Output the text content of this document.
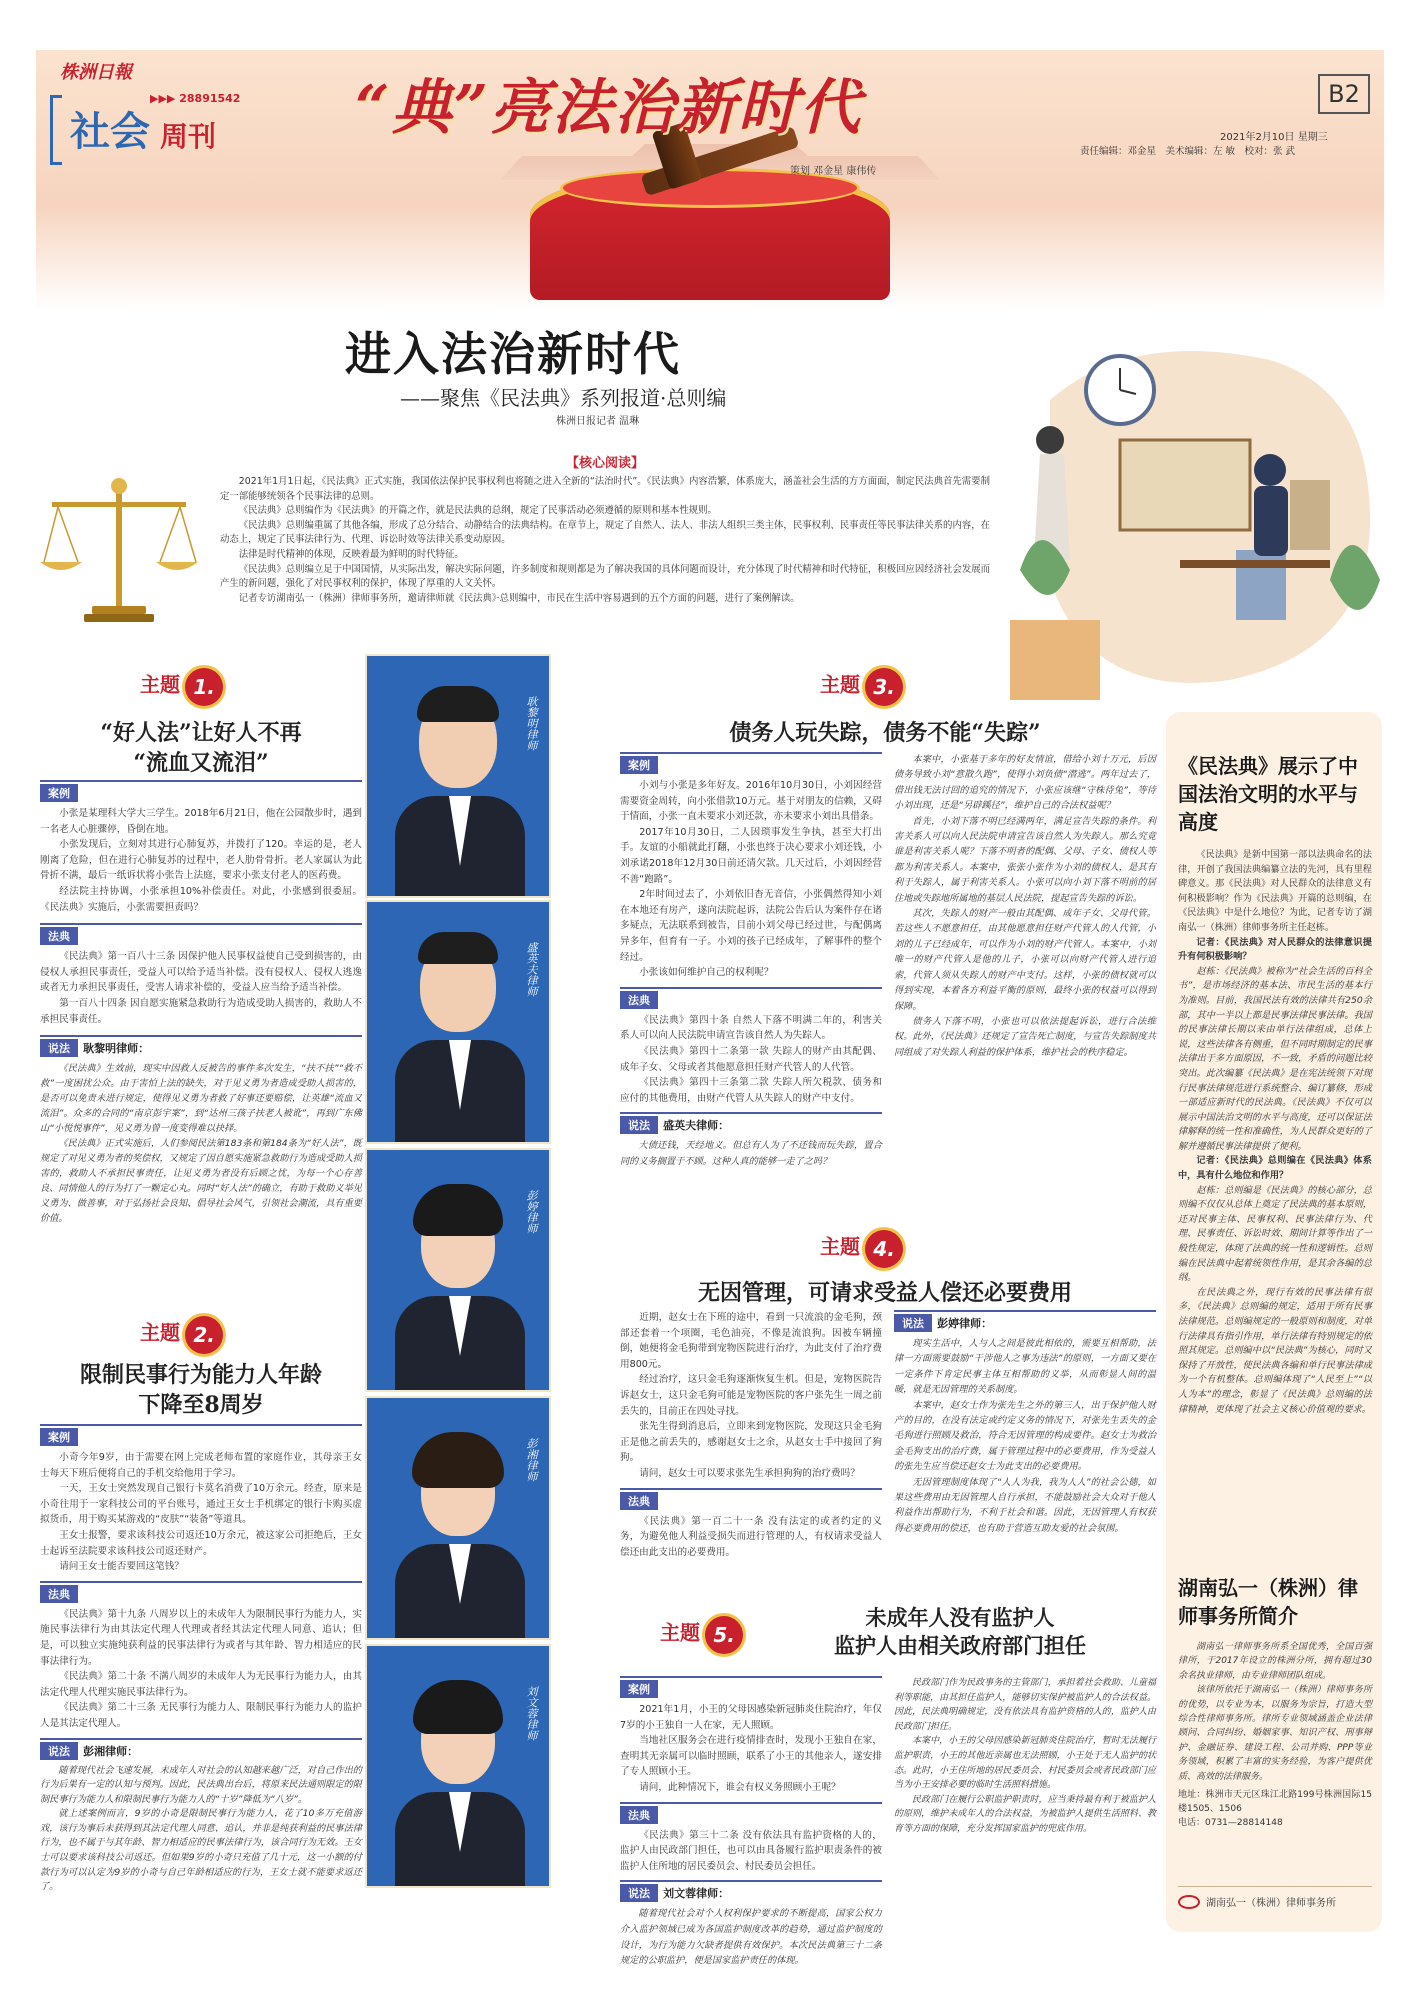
株洲日報
社会 周刊
▶▶▶ 28891542 “典”亮法治新时代
策划 邓金星 康伟传
B2
2021年2月10日 星期三
责任编辑：邓金星　美术编辑：左 敏　校对：张 武
进入法治新时代
——聚焦《民法典》系列报道·总则编
株洲日报记者 温琳
【核心阅读】

2021年1月1日起，《民法典》正式实施，我国依法保护民事权利也将随之进入全新的“法治时代”。《民法典》内容浩繁，体系庞大，涵盖社会生活的方方面面，制定民法典首先需要制定一部能够统领各个民事法律的总则。

《民法典》总则编作为《民法典》的开篇之作，就是民法典的总纲，规定了民事活动必须遵循的原则和基本性规则。

《民法典》总则编重属了其他各编，形成了总分结合、动静结合的法典结构。在章节上，规定了自然人、法人、非法人组织三类主体，民事权利、民事责任等民事法律关系的内容，在动态上，规定了民事法律行为、代理、诉讼时效等法律关系变动原因。

法律是时代精神的体现，反映着最为鲜明的时代特征。

《民法典》总则编立足于中国国情，从实际出发，解决实际问题，许多制度和规则都是为了解决我国的具体问题而设计，充分体现了时代精神和时代特征，积极回应因经济社会发展而产生的新问题，强化了对民事权利的保护，体现了厚重的人文关怀。

记者专访湖南弘一（株洲）律师事务所，邀请律师就《民法典》·总则编中，市民在生活中容易遇到的五个方面的问题，进行了案例解读。

主题 1.
“好人法”让好人不再
“流血又流泪”
案例

小张是某理科大学大三学生。2018年6月21日，他在公园散步时，遇到一名老人心脏骤停，昏倒在地。

小张发现后，立刻对其进行心肺复苏，并拨打了120。幸运的是，老人刚离了危险，但在进行心肺复苏的过程中，老人肋骨骨折。老人家属认为此骨折不满，最后一纸诉状将小张告上法庭，要求小张支付老人的医药费。

经法院主持协调，小张承担10%补偿责任。对此，小张感到很委屈。《民法典》实施后，小张需要担责吗？

法典

《民法典》第一百八十三条 因保护他人民事权益使自己受到损害的，由侵权人承担民事责任，受益人可以给予适当补偿。没有侵权人、侵权人逃逸或者无力承担民事责任，受害人请求补偿的，受益人应当给予适当补偿。

第一百八十四条 因自愿实施紧急救助行为造成受助人损害的，救助人不承担民事责任。

说法 耿黎明律师：

《民法典》生效前，现实中因救人反被告的事件多次发生，“扶不扶”“救不救”一度困扰公众。由于害怕上法的缺失，对于见义勇为者造成受助人损害的，是否可以免责未进行规定，使得见义勇为者救了好事还要赔偿，让英雄“流血又流泪”。众多的合同的“南京彭宇案”，到“达州三孩子扶老人被讹”，再到广东佛山“小悦悦事件”，见义勇为曾一度变得难以抉择。

《民法典》正式实施后，人们参阅民法第183条和第184条为“好人法”，既规定了对见义勇为者的奖偿权，又规定了因自愿实施紧急救助行为造成受助人损害的，救助人不承担民事责任，让见义勇为者没有后顾之忧，为每一个心存善良、同情他人的行为打了一颗定心丸。同时“好人法”的确立，有助于救助义举见义勇为、做善事，对于弘扬社会良知、倡导社会风气，引领社会潮流，具有重要价值。

主题 2.
限制民事行为能力人年龄
下降至8周岁
案例

小奇今年9岁，由于需要在网上完成老师布置的家庭作业，其母亲王女士每天下班后便将自己的手机交给他用于学习。

一天，王女士突然发现自己银行卡莫名消费了10万余元。经查，原来是小奇往用于一家科技公司的平台账号，通过王女士手机绑定的银行卡购买虚拟货币，用于购买某游戏的“皮肤”“装备”等道具。

王女士报警，要求该科技公司返还10万余元，被这家公司拒绝后，王女士起诉至法院要求该科技公司返还财产。

请问王女士能否要回这笔钱？

法典

《民法典》第十九条 八周岁以上的未成年人为限制民事行为能力人，实施民事法律行为由其法定代理人代理或者经其法定代理人同意、追认；但是，可以独立实施纯获利益的民事法律行为或者与其年龄、智力相适应的民事法律行为。

《民法典》第二十条 不满八周岁的未成年人为无民事行为能力人，由其法定代理人代理实施民事法律行为。

《民法典》第二十三条 无民事行为能力人、限制民事行为能力人的监护人是其法定代理人。

说法 彭湘律师：

随着现代社会飞速发展，未成年人对社会的认知越来越广泛，对自己作出的行为后果有一定的认知与预判。因此，民法典出台后，将原来民法通则限定的限制民事行为能力人和限制民事行为能力人的“十岁”降低为“八岁”。

就上述案例而言，9岁的小奇是限制民事行为能力人，花了10多万充值游戏，该行为事后未获得到其法定代理人同意、追认，并非是纯获利益的民事法律行为，也不属于与其年龄、智力相适应的民事法律行为，该合同行为无效。王女士可以要求该科技公司返还。但如果9岁的小奇只充值了几十元，这一小额的付款行为可以认定为9岁的小奇与自己年龄相适应的行为，王女士就不能要求返还了。

耿黎明律师
盛英夫律师
彭婷律师
彭湘律师
刘文蓉律师
主题 3.
债务人玩失踪，债务不能“失踪”
案例

小刘与小张是多年好友。2016年10月30日，小刘因经营需要资金周转，向小张借款10万元。基于对朋友的信赖，又碍于情面，小张一直未要求小刘还款，亦未要求小刘出具借条。

2017年10月30日，二人因琐事发生争执，甚至大打出手。友谊的小船就此打翻，小张也终于决心要求小刘还钱，小刘承诺2018年12月30日前还清欠款。几天过后，小刘因经营不善“跑路”。

2年时间过去了，小刘依旧杳无音信，小张偶然得知小刘在本地还有房产，遂向法院起诉，法院公告后认为案件存在诸多疑点，无法联系到被告，目前小刘父母已经过世，与配偶离异多年，但育有一子。小刘的孩子已经成年，了解事件的整个经过。

小张该如何维护自己的权利呢？

法典

《民法典》第四十条 自然人下落不明满二年的，利害关系人可以向人民法院申请宣告该自然人为失踪人。

《民法典》第四十二条第一款 失踪人的财产由其配偶、成年子女、父母或者其他愿意担任财产代管人的人代管。

《民法典》第四十三条第二款 失踪人所欠税款、债务和应付的其他费用，由财产代管人从失踪人的财产中支付。

说法 盛英夫律师：

大债还钱，天经地义。但总有人为了不还钱而玩失踪，置合同的义务搁置于不顾。这种人真的能够一走了之吗？

本案中，小张基于多年的好友情谊，借给小刘十万元，后因债务导致小刘“意散久跑”，使得小刘负债“潜逃”。两年过去了，借出钱无法讨回的追究的情况下，小张应该继“守株待兔”，等待小刘出现，还是“另辟蹊径”，维护自己的合法权益呢？

首先，小刘下落不明已经满两年，满足宣告失踪的条件。利害关系人可以向人民法院申请宣告该自然人为失踪人。那么究竟谁是利害关系人呢？下落不明者的配偶、父母、子女、债权人等都为利害关系人。本案中，张张小张作为小刘的债权人，是其有利于失踪人，属于利害关系人。小张可以向小刘下落不明前的居住地或失踪地所属地的基层人民法院，提起宣告失踪的诉讼。

其次，失踪人的财产一般由其配偶、成年子女、父母代管。若这些人不愿意担任，由其他愿意担任财产代管人的人代管，小刘的儿子已经成年，可以作为小刘的财产代管人。本案中，小刘唯一的财产代管人是他的儿子，小张可以向财产代管人进行追索，代管人须从失踪人的财产中支付。这样，小张的债权就可以得到实现，本着各方利益平衡的原则，最终小张的权益可以得到保障。

债务人下落不明，小张也可以依法提起诉讼，进行合法维权。此外，《民法典》还规定了宣告死亡制度，与宣告失踪制度共同组成了对失踪人利益的保护体系，维护社会的秩序稳定。

主题 4.
无因管理，可请求受益人偿还必要费用

近期，赵女士在下班的途中，看到一只流浪的金毛狗，颈部还套着一个项圈，毛色油亮，不像是流浪狗。因被车辆撞倒，她便将金毛狗带到宠物医院进行治疗，为此支付了治疗费用800元。

经过治疗，这只金毛狗逐渐恢复生机。但是，宠物医院告诉赵女士，这只金毛狗可能是宠物医院的客户张先生一周之前丢失的，目前正在四处寻找。

张先生得到消息后，立即来到宠物医院，发现这只金毛狗正是他之前丢失的，感谢赵女士之余，从赵女士手中接回了狗狗。

请问，赵女士可以要求张先生承担狗狗的治疗费吗？

法典

《民法典》第一百二十一条 没有法定的或者约定的义务，为避免他人利益受损失而进行管理的人，有权请求受益人偿还由此支出的必要费用。

说法 彭婷律师：

现实生活中，人与人之间是彼此相依的，需要互相帮助，法律一方面需要鼓励“干涉他人之事为违法”的原则，一方面又要在一定条件下肯定民事主体互相帮助的义举，从而彰显人间的温暖，就是无因管理的关系制度。

本案中，赵女士作为张先生之外的第三人，出于保护他人财产的目的，在没有法定或约定义务的情况下，对张先生丢失的金毛狗进行照顾及救治，符合无因管理的构成要件。赵女士为救治金毛狗支出的治疗费，属于管理过程中的必要费用，作为受益人的张先生应当偿还赵女士为此支出的必要费用。

无因管理制度体现了“人人为我，我为人人”的社会公德，如果这些费用由无因管理人自行承担，不能鼓励社会大众对于他人利益作出帮助行为，不利于社会和谐。因此，无因管理人有权获得必要费用的偿还，也有助于营造互助友爱的社会氛围。

主题 5.
未成年人没有监护人
监护人由相关政府部门担任
案例

2021年1月，小王的父母因感染新冠肺炎住院治疗，年仅7岁的小王独自一人在家，无人照顾。

当地社区服务会在进行疫情排查时，发现小王独自在家，查明其无亲属可以临时照顾，联系了小王的其他亲人，遂安排了专人照顾小王。

请问，此种情况下，谁会有权义务照顾小王呢？

法典

《民法典》第三十二条 没有依法具有监护资格的人的，监护人由民政部门担任，也可以由具备履行监护职责条件的被监护人住所地的居民委员会、村民委员会担任。

说法 刘文蓉律师：

随着现代社会对个人权利保护要求的不断提高，国家公权力介入监护领域已成为各国监护制度改革的趋势，通过监护制度的设计，为行为能力欠缺者提供有效保护。本次民法典第三十二条规定的公职监护，便是国家监护责任的体现。

民政部门作为民政事务的主管部门，承担着社会救助、儿童福利等职能，由其担任监护人，能够切实保护被监护人的合法权益。因此，民法典明确规定，没有依法具有监护资格的人的，监护人由民政部门担任。

本案中，小王的父母因感染新冠肺炎住院治疗，暂时无法履行监护职责，小王的其他近亲属也无法照顾，小王处于无人监护的状态。此时，小王住所地的居民委员会、村民委员会或者民政部门应当为小王安排必要的临时生活照料措施。

民政部门在履行公职监护职责时，应当秉持最有利于被监护人的原则，维护未成年人的合法权益，为被监护人提供生活照料、教育等方面的保障，充分发挥国家监护的兜底作用。

《民法典》展示了中国法治文明的水平与高度

《民法典》是新中国第一部以法典命名的法律，开创了我国法典编纂立法的先河，具有里程碑意义。那《民法典》对人民群众的法律意义有何积极影响？作为《民法典》开篇的总则编，在《民法典》中是什么地位？为此，记者专访了湖南弘一（株洲）律师事务所主任赵栋。

记者：《民法典》对人民群众的法律意识提升有何积极影响？

赵栋：《民法典》被称为“社会生活的百科全书”，是市场经济的基本法、市民生活的基本行为准则。目前，我国民法有效的法律共有250余部，其中一半以上都是民事法律民事法律。我国的民事法律长期以来由单行法律组成，总体上说，这些法律各有侧重，但不同时期制定的民事法律出于多方面原因，不一致，矛盾的问题比较突出。此次编纂《民法典》是在宪法统领下对现行民事法律规范进行系统整合、编订纂修，形成一部适应新时代的民法典。《民法典》不仅可以展示中国法治文明的水平与高度，还可以保证法律解释的统一性和准确性，为人民群众更好的了解并遵循民事法律提供了便利。

记者：《民法典》总则编在《民法典》体系中，具有什么地位和作用？

赵栋：总则编是《民法典》的核心部分，总则编不仅仅从总体上奠定了民法典的基本原则，还对民事主体、民事权利、民事法律行为、代理、民事责任、诉讼时效、期间计算等作出了一般性规定，体现了法典的统一性和逻辑性。总则编在民法典中起着统领性作用，是其余各编的总纲。

在民法典之外，现行有效的民事法律有很多，《民法典》总则编的规定，适用于所有民事法律规范。总则编规定的一般原则和制度，对单行法律具有指引作用，单行法律有特别规定的依照其规定。总则编中以“民法典”为核心，同时又保持了开放性，使民法典各编和单行民事法律成为一个有机整体。总则编体现了“人民至上”“以人为本”的理念，彰显了《民法典》总则编的法律精神，更体现了社会主义核心价值观的要求。

湖南弘一（株洲）律师事务所简介

湖南弘一律师事务所系全国优秀，全国百强律所，于2017年设立的株洲分所，拥有超过30余名执业律师，由专业律师团队组成。

该律所依托于湖南弘一（株洲）律师事务所的优势，以专业为本，以服务为宗旨，打造大型综合性律师事务所。律所专业领域涵盖企业法律顾问、合同纠纷、婚姻家事、知识产权、刑事辩护、金融证券、建设工程、公司并购、PPP等业务领域，积累了丰富的实务经验，为客户提供优质、高效的法律服务。

地址：株洲市天元区珠江北路199号株洲国际15楼1505、1506
电话：0731—28814148
湖南弘一（株洲）律师事务所
